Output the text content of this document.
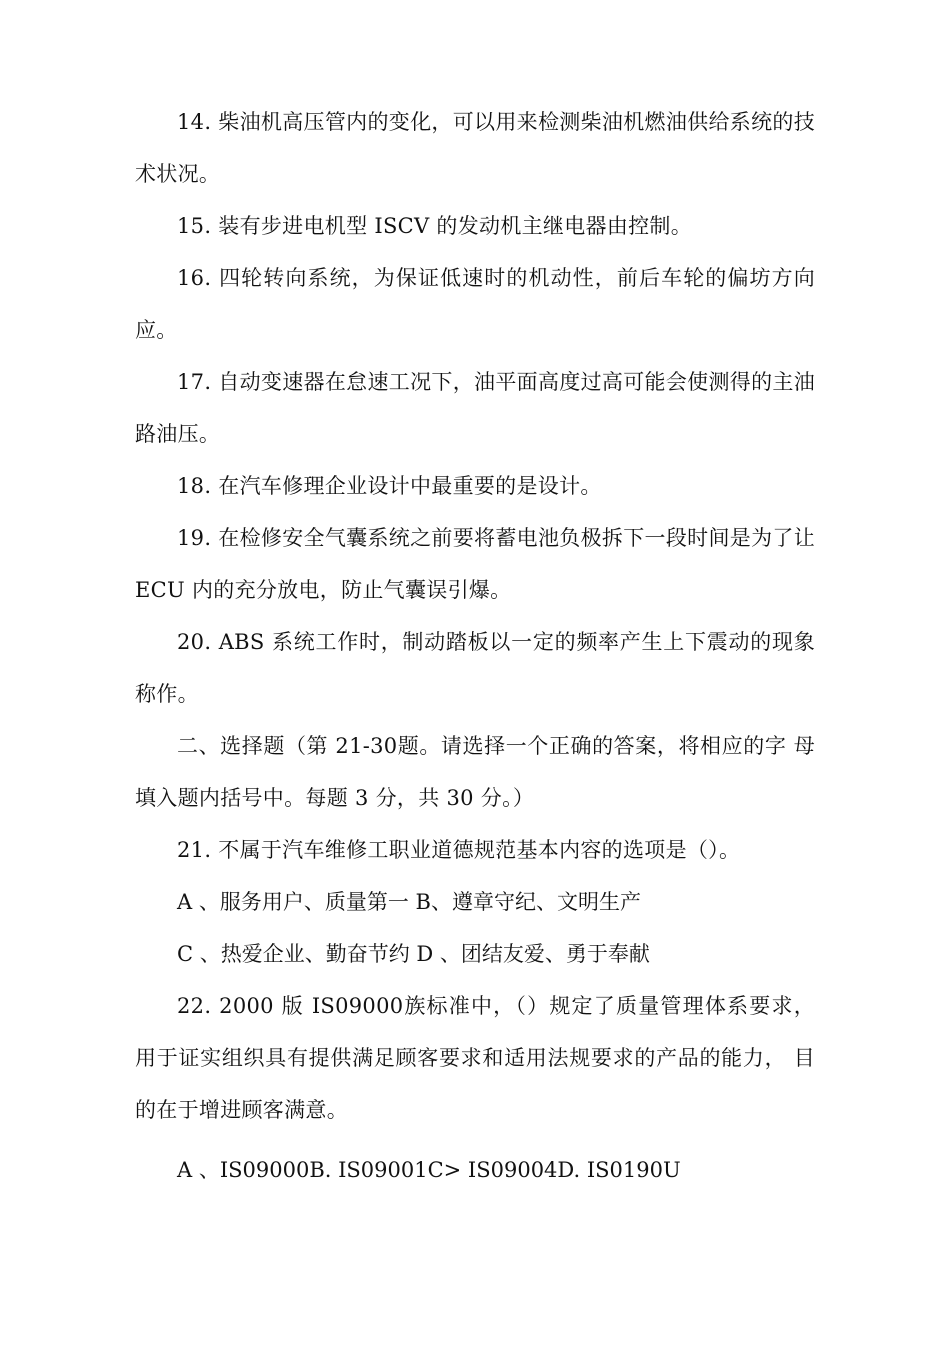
14. 柴油机高压管内的变化，可以用来检测柴油机燃油供给系统的技术状况。

15. 装有步进电机型 ISCV 的发动机主继电器由控制。

16. 四轮转向系统，为保证低速时的机动性，前后车轮的偏坊方向应。

17. 自动变速器在怠速工况下，油平面高度过高可能会使测得的主油路油压。

18. 在汽车修理企业设计中最重要的是设计。

19. 在检修安全气囊系统之前要将蓄电池负极拆下一段时间是为了让 ECU 内的充分放电，防止气囊误引爆。

20. ABS 系统工作时，制动踏板以一定的频率产生上下震动的现象称作。

二、选择题（第 21-30题。请选择一个正确的答案，将相应的字 母填入题内括号中。每题 3 分，共 30 分。）

21. 不属于汽车维修工职业道德规范基本内容的选项是（）。

A 、服务用户、质量第一 B、遵章守纪、文明生产
C 、热爱企业、勤奋节约 D 、团结友爱、勇于奉献

22. 2000 版 IS09000族标准中，（）规定了质量管理体系要求， 用于证实组织具有提供满足顾客要求和适用法规要求的产品的能力， 目的在于增进顾客满意。

A 、IS09000B. IS09001C> IS09004D. IS0190U
